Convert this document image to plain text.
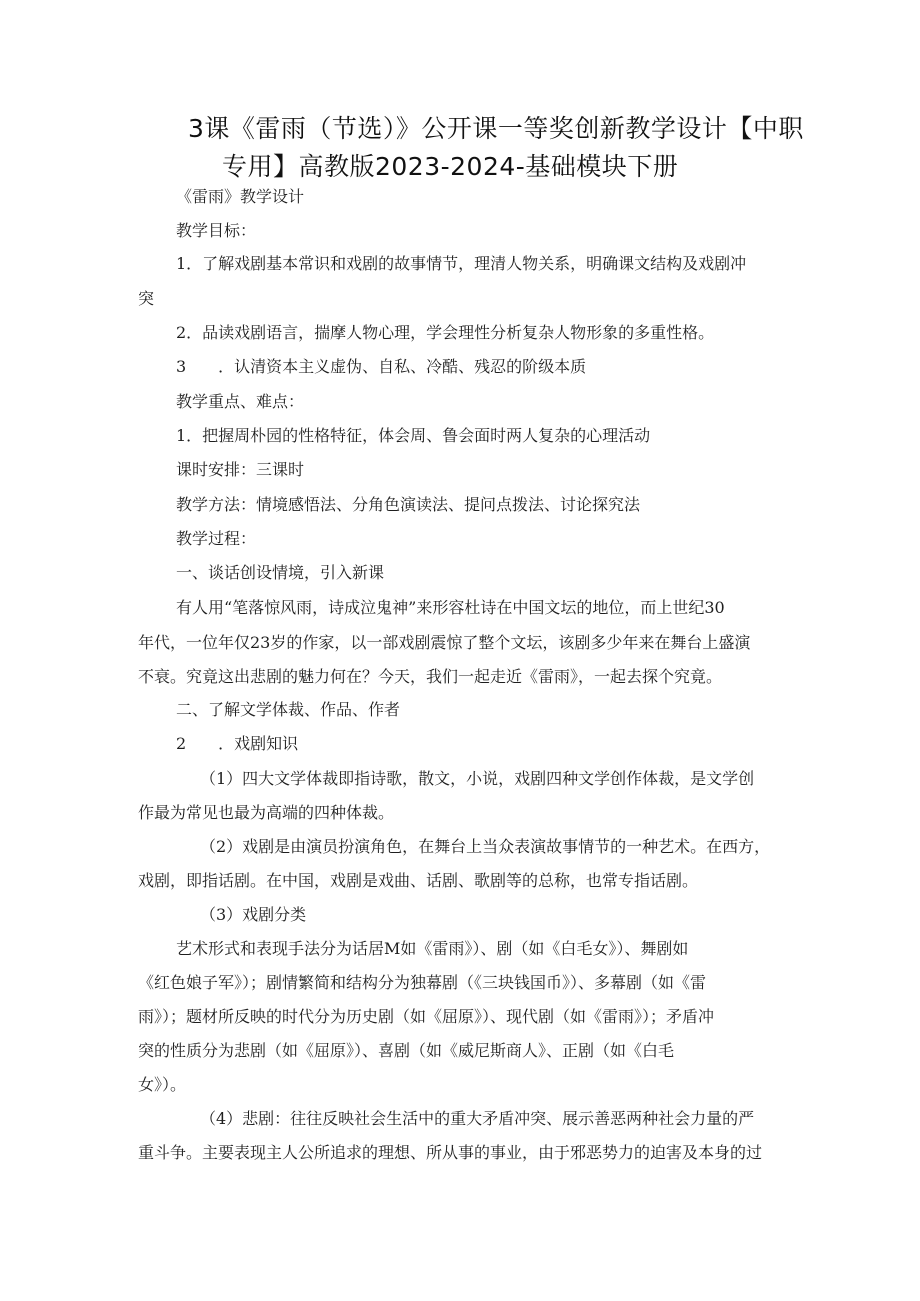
3课《雷雨（节选）》公开课一等奖创新教学设计【中职
专用】高教版2023-2024-基础模块下册
《雷雨》教学设计
教学目标：
1．了解戏剧基本常识和戏剧的故事情节，理清人物关系，明确课文结构及戏剧冲
突
2．品读戏剧语言，揣摩人物心理，学会理性分析复杂人物形象的多重性格。
3　　．认清资本主义虚伪、自私、冷酷、残忍的阶级本质
教学重点、难点：
1．把握周朴园的性格特征，体会周、鲁会面时两人复杂的心理活动
课时安排：三课时
教学方法：情境感悟法、分角色演读法、提问点拨法、讨论探究法
教学过程：
一、谈话创设情境，引入新课
有人用“笔落惊风雨，诗成泣鬼神”来形容杜诗在中国文坛的地位，而上世纪30
年代，一位年仅23岁的作家，以一部戏剧震惊了整个文坛，该剧多少年来在舞台上盛演
不衰。究竟这出悲剧的魅力何在？今天，我们一起走近《雷雨》，一起去探个究竟。
二、了解文学体裁、作品、作者
2　　．戏剧知识
（1）四大文学体裁即指诗歌，散文，小说，戏剧四种文学创作体裁，是文学创
作最为常见也最为高端的四种体裁。
（2）戏剧是由演员扮演角色，在舞台上当众表演故事情节的一种艺术。在西方，
戏剧，即指话剧。在中国，戏剧是戏曲、话剧、歌剧等的总称，也常专指话剧。
（3）戏剧分类
艺术形式和表现手法分为话居M如《雷雨》）、剧（如《白毛女》）、舞剧如
《红色娘子军》）；剧情繁简和结构分为独幕剧（《三块钱国币》）、多幕剧（如《雷
雨》）；题材所反映的时代分为历史剧（如《屈原》）、现代剧（如《雷雨》）；矛盾冲
突的性质分为悲剧（如《屈原》）、喜剧（如《威尼斯商人》、正剧（如《白毛
女》）。
（4）悲剧：往往反映社会生活中的重大矛盾冲突、展示善恶两种社会力量的严
重斗争。主要表现主人公所追求的理想、所从事的事业，由于邪恶势力的迫害及本身的过
